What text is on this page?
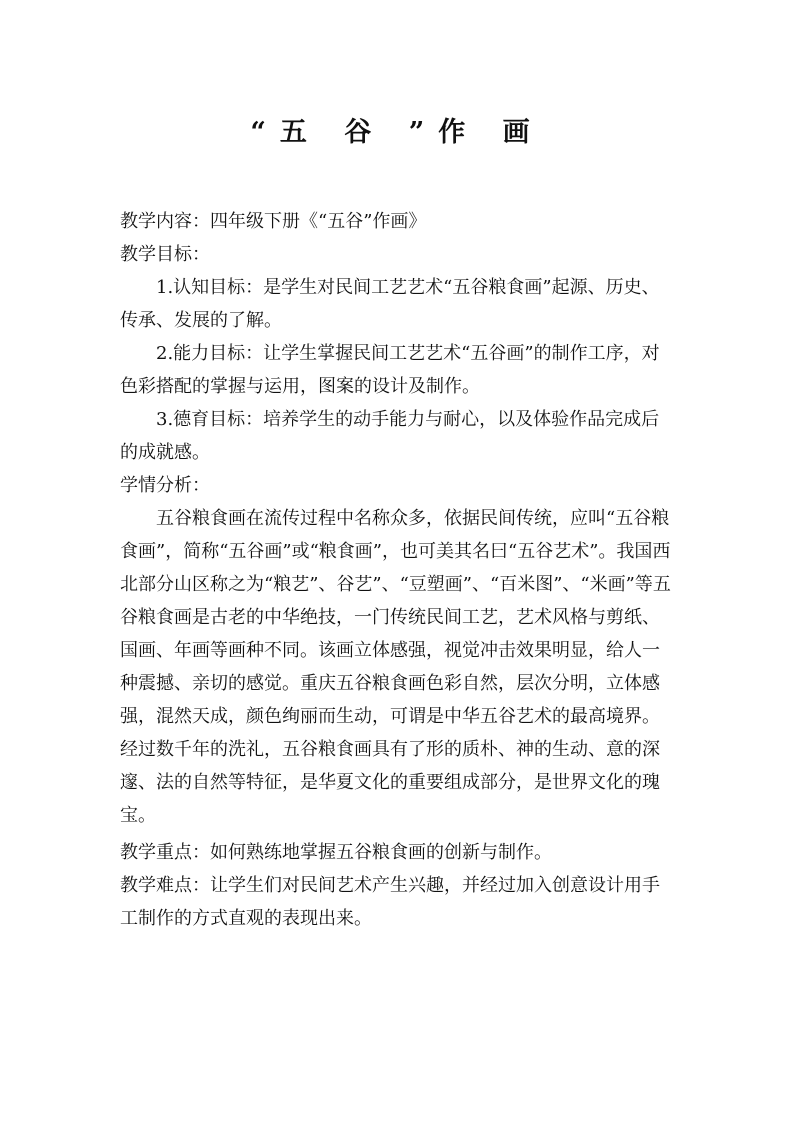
“五 谷 ”作 画

教学内容：四年级下册《“五谷”作画》

教学目标：

1.认知目标：是学生对民间工艺艺术“五谷粮食画”起源、历史、传承、发展的了解。

2.能力目标：让学生掌握民间工艺艺术“五谷画”的制作工序，对色彩搭配的掌握与运用，图案的设计及制作。

3.德育目标：培养学生的动手能力与耐心，以及体验作品完成后的成就感。

学情分析：

五谷粮食画在流传过程中名称众多，依据民间传统，应叫“五谷粮食画”，简称“五谷画”或“粮食画”，也可美其名曰“五谷艺术”。我国西北部分山区称之为“粮艺”、谷艺”、“豆塑画”、“百米图”、“米画”等五谷粮食画是古老的中华绝技，一门传统民间工艺，艺术风格与剪纸、国画、年画等画种不同。该画立体感强，视觉冲击效果明显，给人一种震撼、亲切的感觉。重庆五谷粮食画色彩自然，层次分明，立体感强，混然天成，颜色绚丽而生动，可谓是中华五谷艺术的最高境界。经过数千年的洗礼，五谷粮食画具有了形的质朴、神的生动、意的深邃、法的自然等特征，是华夏文化的重要组成部分，是世界文化的瑰宝。

教学重点：如何熟练地掌握五谷粮食画的创新与制作。

教学难点：让学生们对民间艺术产生兴趣，并经过加入创意设计用手工制作的方式直观的表现出来。
